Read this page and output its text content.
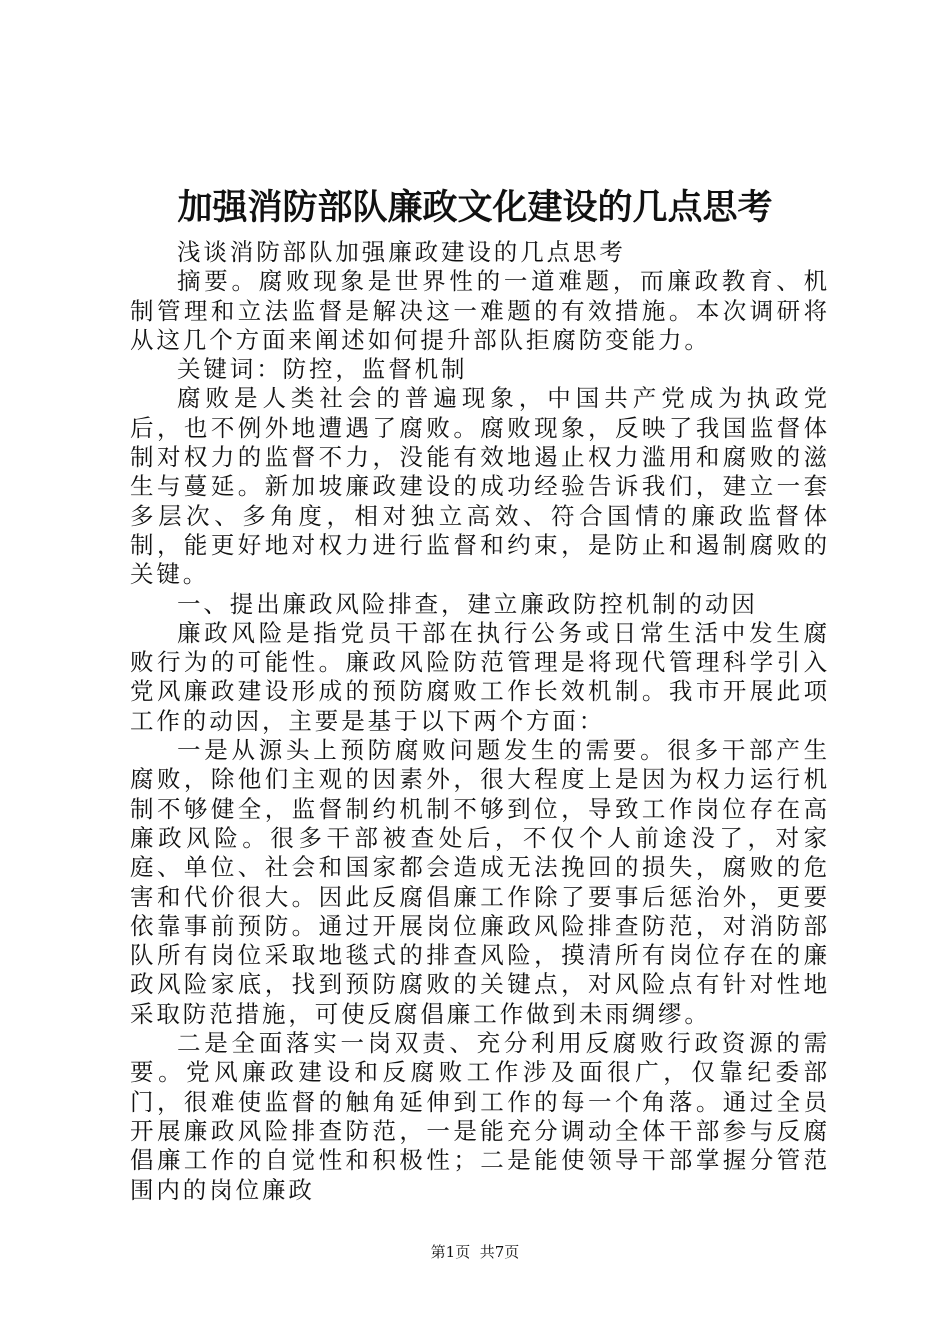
加强消防部队廉政文化建设的几点思考

浅谈消防部队加强廉政建设的几点思考

摘要。腐败现象是世界性的一道难题，而廉政教育、机制管理和立法监督是解决这一难题的有效措施。本次调研将从这几个方面来阐述如何提升部队拒腐防变能力。

关键词：防控，监督机制

腐败是人类社会的普遍现象，中国共产党成为执政党后，也不例外地遭遇了腐败。腐败现象，反映了我国监督体制对权力的监督不力，没能有效地遏止权力滥用和腐败的滋生与蔓延。新加坡廉政建设的成功经验告诉我们，建立一套多层次、多角度，相对独立高效、符合国情的廉政监督体制，能更好地对权力进行监督和约束，是防止和遏制腐败的关键。

一、提出廉政风险排查，建立廉政防控机制的动因

廉政风险是指党员干部在执行公务或日常生活中发生腐败行为的可能性。廉政风险防范管理是将现代管理科学引入党风廉政建设形成的预防腐败工作长效机制。我市开展此项工作的动因，主要是基于以下两个方面：

一是从源头上预防腐败问题发生的需要。很多干部产生腐败，除他们主观的因素外，很大程度上是因为权力运行机制不够健全，监督制约机制不够到位，导致工作岗位存在高廉政风险。很多干部被查处后，不仅个人前途没了，对家庭、单位、社会和国家都会造成无法挽回的损失，腐败的危害和代价很大。因此反腐倡廉工作除了要事后惩治外，更要依靠事前预防。通过开展岗位廉政风险排查防范，对消防部队所有岗位采取地毯式的排查风险，摸清所有岗位存在的廉政风险家底，找到预防腐败的关键点，对风险点有针对性地采取防范措施，可使反腐倡廉工作做到未雨绸缪。

二是全面落实一岗双责、充分利用反腐败行政资源的需要。党风廉政建设和反腐败工作涉及面很广，仅靠纪委部门，很难使监督的触角延伸到工作的每一个角落。通过全员开展廉政风险排查防范，一是能充分调动全体干部参与反腐倡廉工作的自觉性和积极性；二是能使领导干部掌握分管范围内的岗位廉政

第1页 共7页
